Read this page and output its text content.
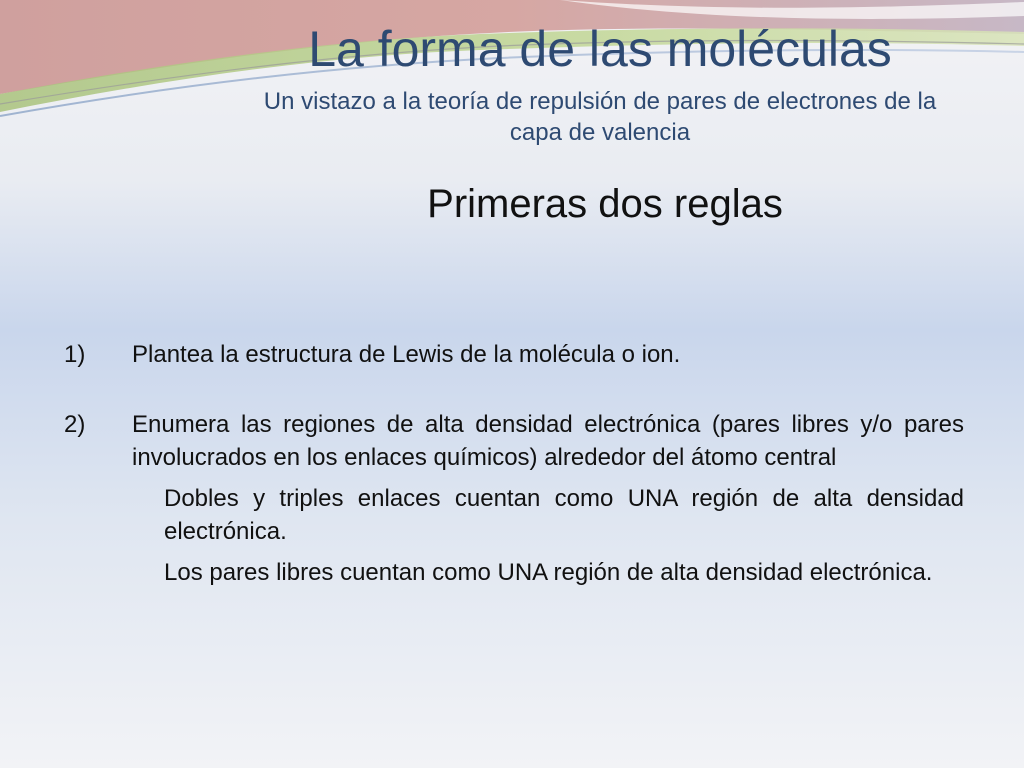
La forma de las moléculas
Un vistazo a la teoría de repulsión de pares de electrones de la capa de valencia
Primeras dos reglas
1)	Plantea la estructura de Lewis de la molécula o ion.
2)	Enumera las regiones de alta densidad electrónica (pares libres y/o pares involucrados en los enlaces químicos) alrededor del átomo central
Dobles y triples enlaces cuentan como UNA región de alta densidad electrónica.
Los pares libres cuentan como UNA región de alta densidad electrónica.
